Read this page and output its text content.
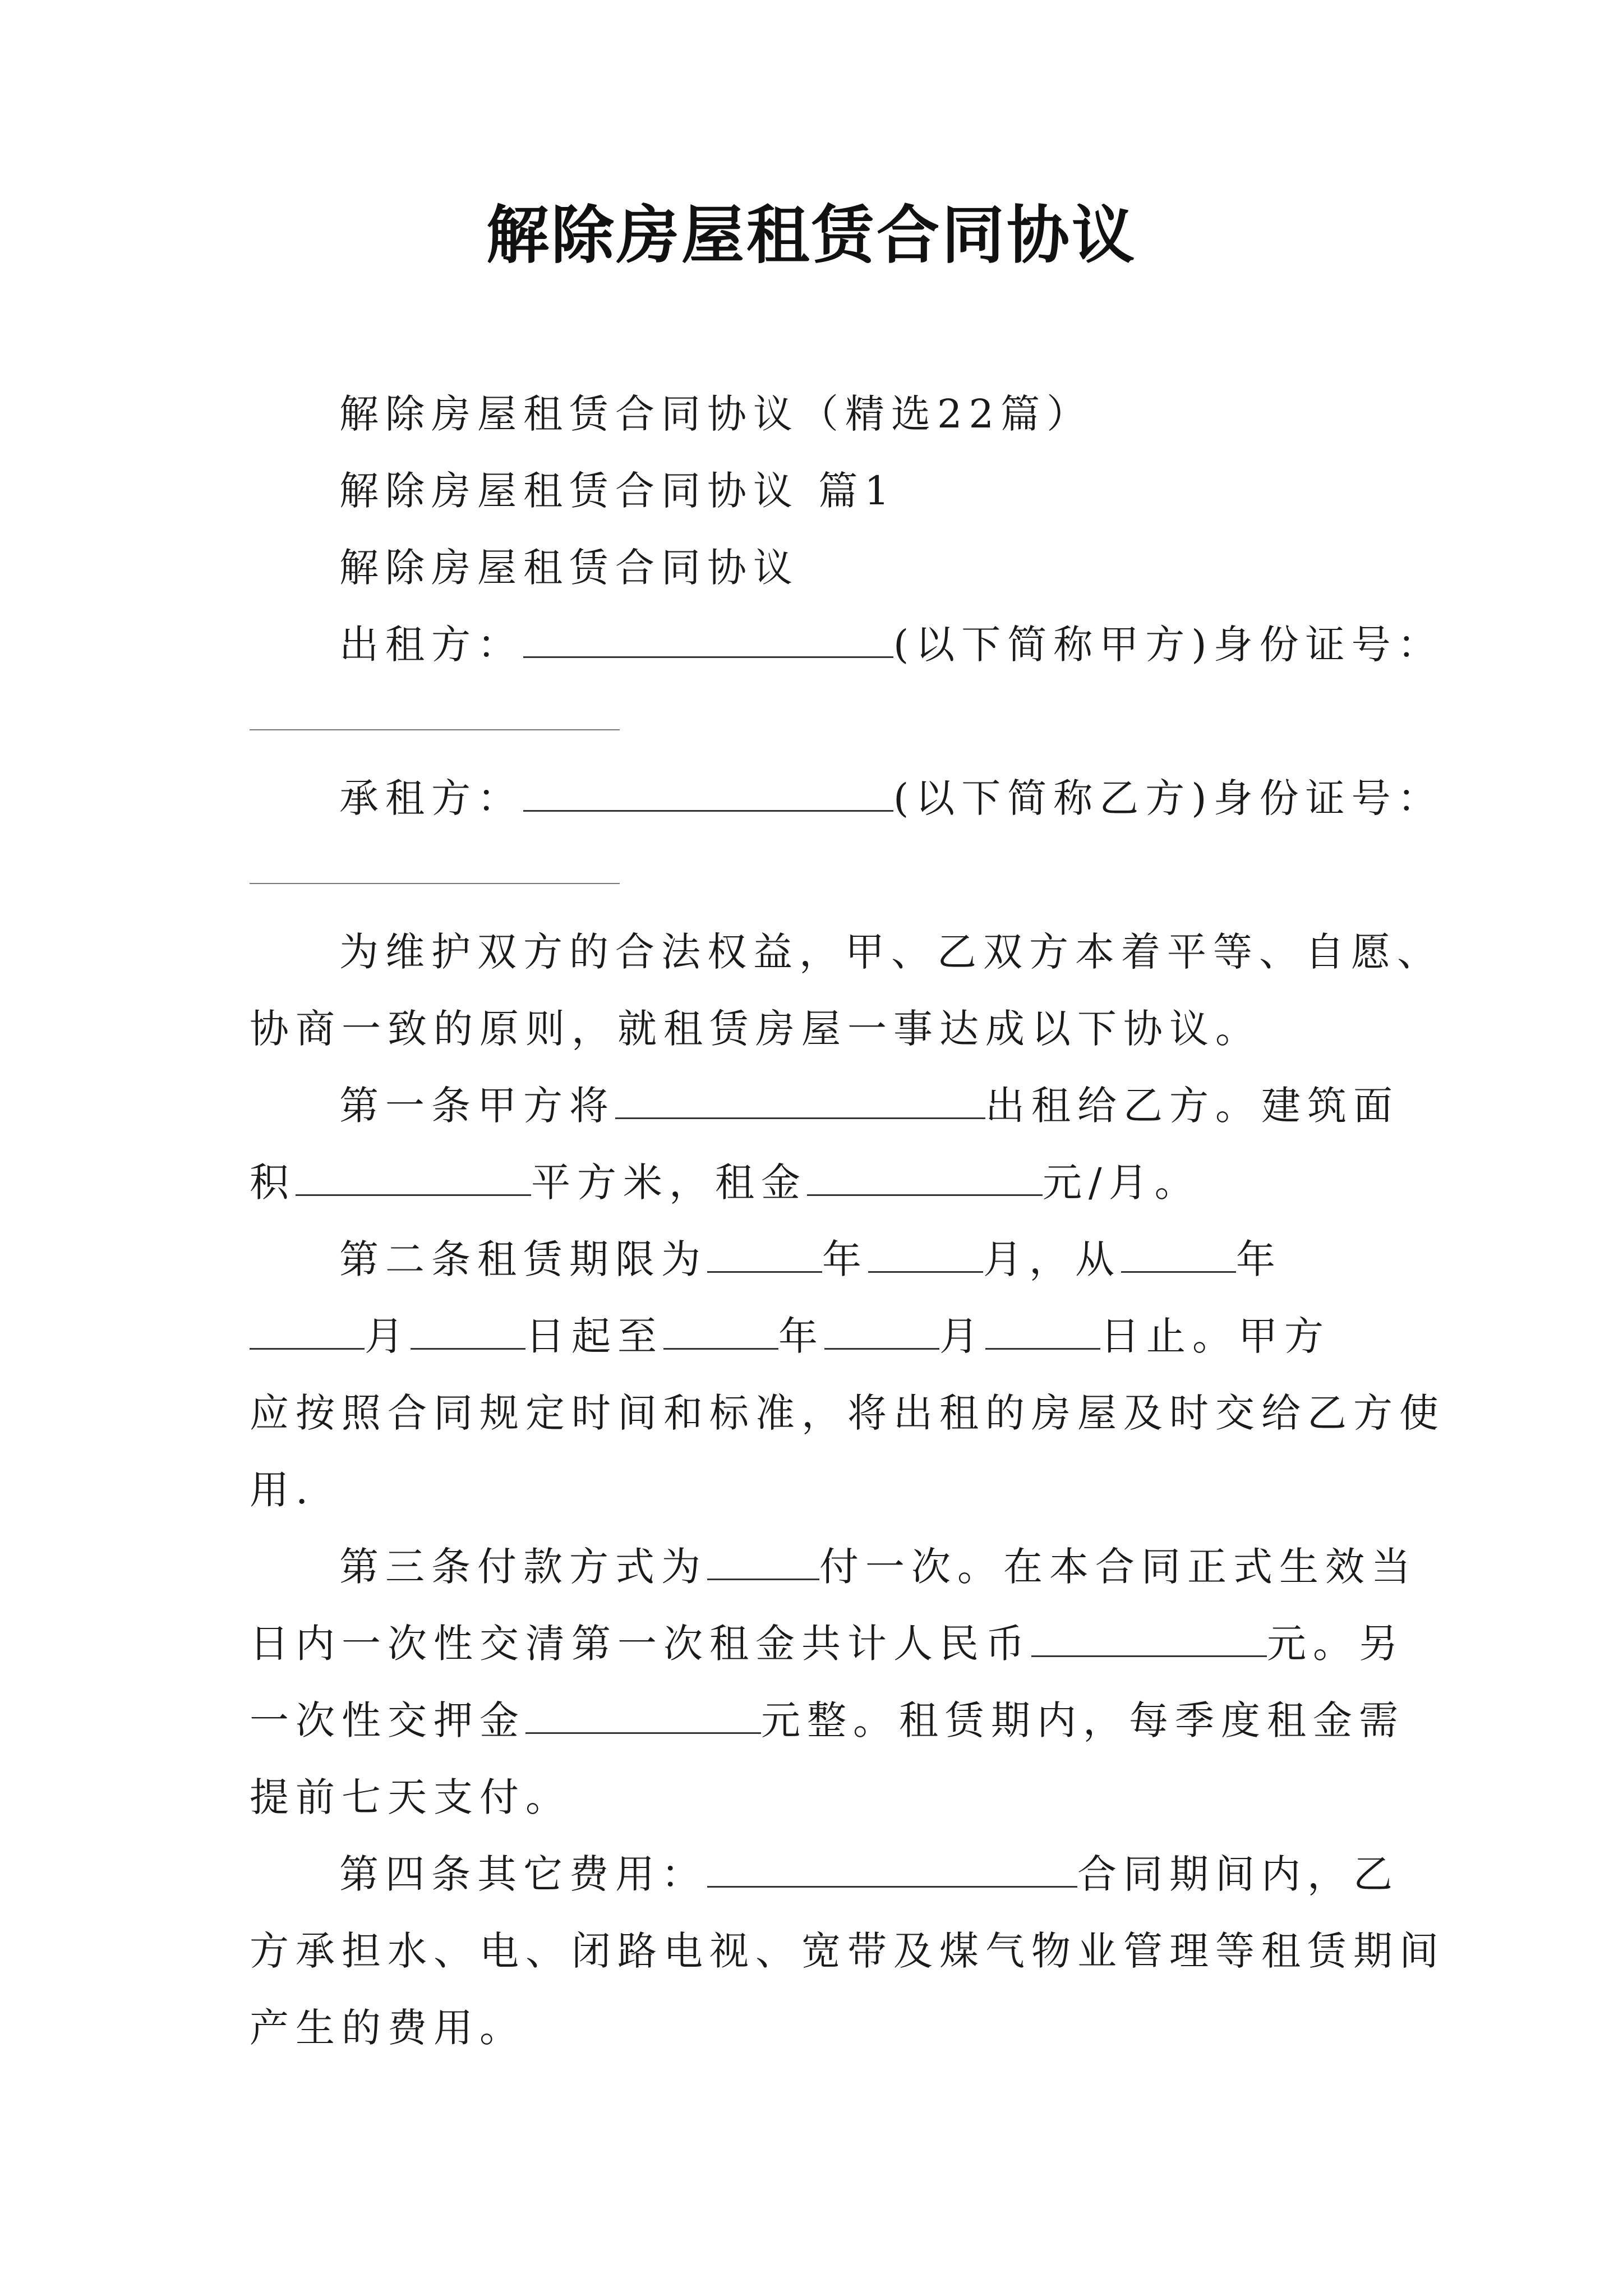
解除房屋租赁合同协议
解除房屋租赁合同协议（精选22篇）
解除房屋租赁合同协议 篇1
解除房屋租赁合同协议
出租方：	(以下简称甲方)身份证号：
承租方：	(以下简称乙方)身份证号：
为维护双方的合法权益，甲、乙双方本着平等、自愿、
协商一致的原则，就租赁房屋一事达成以下协议。
第一条甲方将	出租给乙方。建筑面
积	平方米，租金	元/月。
第二条租赁期限为	年	月，从	年
月	日起至	年	月	日止。甲方
应按照合同规定时间和标准，将出租的房屋及时交给乙方使
用.
第三条付款方式为	付一次。在本合同正式生效当
日内一次性交清第一次租金共计人民币	元。另
一次性交押金	元整。租赁期内，每季度租金需
提前七天支付。
第四条其它费用：	合同期间内，乙
方承担水、电、闭路电视、宽带及煤气物业管理等租赁期间
产生的费用。
